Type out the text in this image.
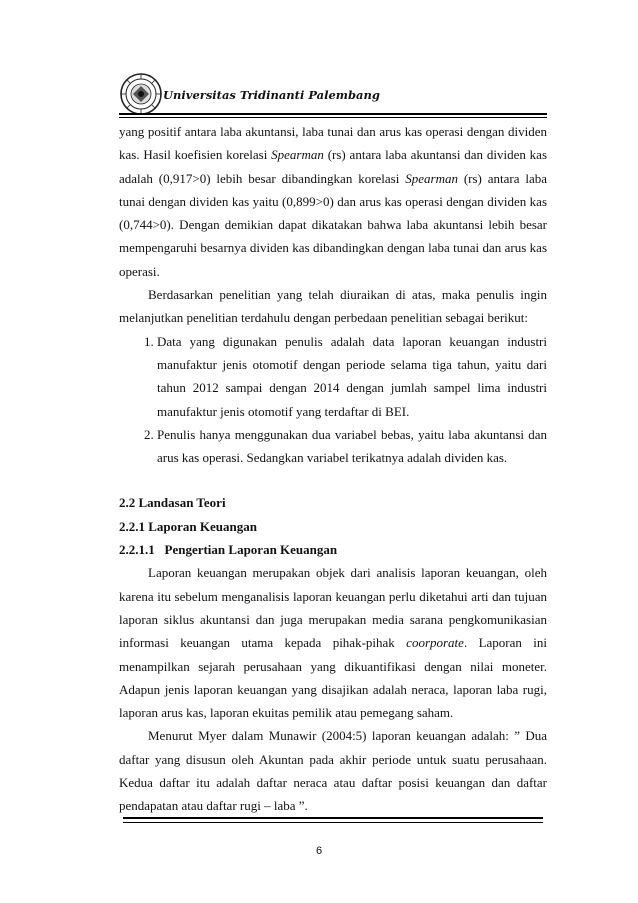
Universitas Tridinanti Palembang

yang positif antara laba akuntansi, laba tunai dan arus kas operasi dengan dividen kas. Hasil koefisien korelasi Spearman (rs) antara laba akuntansi dan dividen kas adalah (0,917>0) lebih besar dibandingkan korelasi Spearman (rs) antara laba tunai dengan dividen kas yaitu (0,899>0) dan arus kas operasi dengan dividen kas (0,744>0). Dengan demikian dapat dikatakan bahwa laba akuntansi lebih besar mempengaruhi besarnya dividen kas dibandingkan dengan laba tunai dan arus kas operasi.

Berdasarkan penelitian yang telah diuraikan di atas, maka penulis ingin melanjutkan penelitian terdahulu dengan perbedaan penelitian sebagai berikut:

1. Data yang digunakan penulis adalah data laporan keuangan industri manufaktur jenis otomotif dengan periode selama tiga tahun, yaitu dari tahun 2012 sampai dengan 2014 dengan jumlah sampel lima industri manufaktur jenis otomotif yang terdaftar di BEI.
2. Penulis hanya menggunakan dua variabel bebas, yaitu laba akuntansi dan arus kas operasi. Sedangkan variabel terikatnya adalah dividen kas.

2.2 Landasan Teori

2.2.1 Laporan Keuangan

2.2.1.1   Pengertian Laporan Keuangan

Laporan keuangan merupakan objek dari analisis laporan keuangan, oleh karena itu sebelum menganalisis laporan keuangan perlu diketahui arti dan tujuan laporan siklus akuntansi dan juga merupakan media sarana pengkomunikasian informasi keuangan utama kepada pihak-pihak coorporate. Laporan ini menampilkan sejarah perusahaan yang dikuantifikasi dengan nilai moneter. Adapun jenis laporan keuangan yang disajikan adalah neraca, laporan laba rugi, laporan arus kas, laporan ekuitas pemilik atau pemegang saham.

Menurut Myer dalam Munawir (2004:5) laporan keuangan adalah: ” Dua daftar yang disusun oleh Akuntan pada akhir periode untuk suatu perusahaan. Kedua daftar itu adalah daftar neraca atau daftar posisi keuangan dan daftar pendapatan atau daftar rugi – laba ”.

6
